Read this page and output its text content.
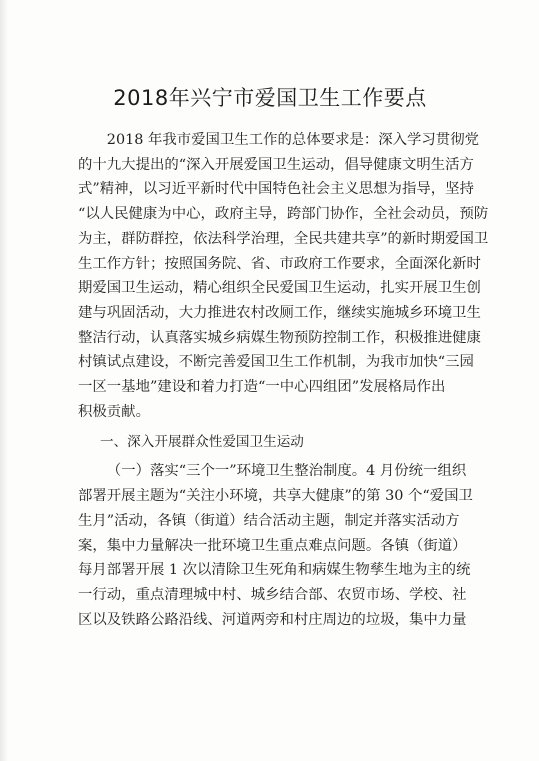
2018年兴宁市爱国卫生工作要点

2018 年我市爱国卫生工作的总体要求是：深入学习贯彻党
的十九大提出的“深入开展爱国卫生运动，倡导健康文明生活方
式”精神，以习近平新时代中国特色社会主义思想为指导，坚持
“以人民健康为中心，政府主导，跨部门协作，全社会动员，预防
为主，群防群控，依法科学治理，全民共建共享”的新时期爱国卫
生工作方针；按照国务院、省、市政府工作要求，全面深化新时
期爱国卫生运动，精心组织全民爱国卫生运动，扎实开展卫生创
建与巩固活动，大力推进农村改厕工作，继续实施城乡环境卫生
整洁行动，认真落实城乡病媒生物预防控制工作，积极推进健康
村镇试点建设，不断完善爱国卫生工作机制，为我市加快“三园
一区一基地”建设和着力打造“一中心四组团”发展格局作出
积极贡献。

一、深入开展群众性爱国卫生运动

（一）落实“三个一”环境卫生整治制度。4 月份统一组织
部署开展主题为“关注小环境，共享大健康”的第 30 个“爱国卫
生月”活动，各镇（街道）结合活动主题，制定并落实活动方
案，集中力量解决一批环境卫生重点难点问题。各镇（街道）
每月部署开展 1 次以清除卫生死角和病媒生物孳生地为主的统
一行动，重点清理城中村、城乡结合部、农贸市场、学校、社
区以及铁路公路沿线、河道两旁和村庄周边的垃圾，集中力量
